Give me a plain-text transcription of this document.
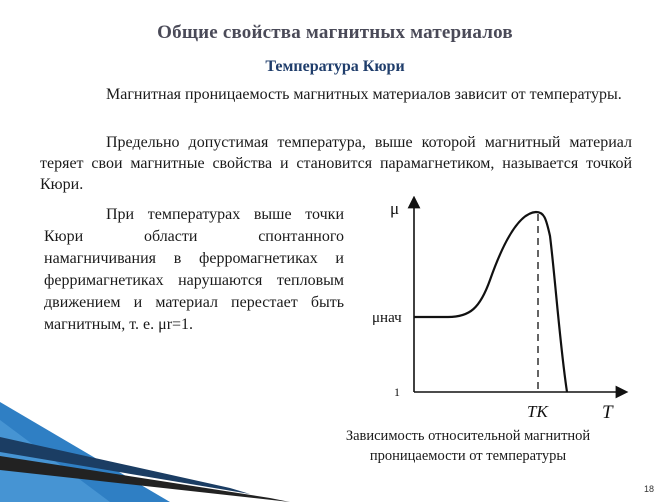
Общие свойства магнитных материалов
Температура Кюри

Магнитная проницаемость магнитных материалов зависит от температуры.

Предельно допустимая температура, выше которой магнитный материал теряет свои магнитные свойства и становится парамагнетиком, называется точкой Кюри.

При температурах выше точки Кюри области спонтанного намагничивания в ферромагнетиках и ферримагнетиках нарушаются тепловым движением и материал перестает быть магнитным, т. е. μr=1.

μ
μнач
1
TK	T
Зависимость относительной магнитной
проницаемости от температуры
18
